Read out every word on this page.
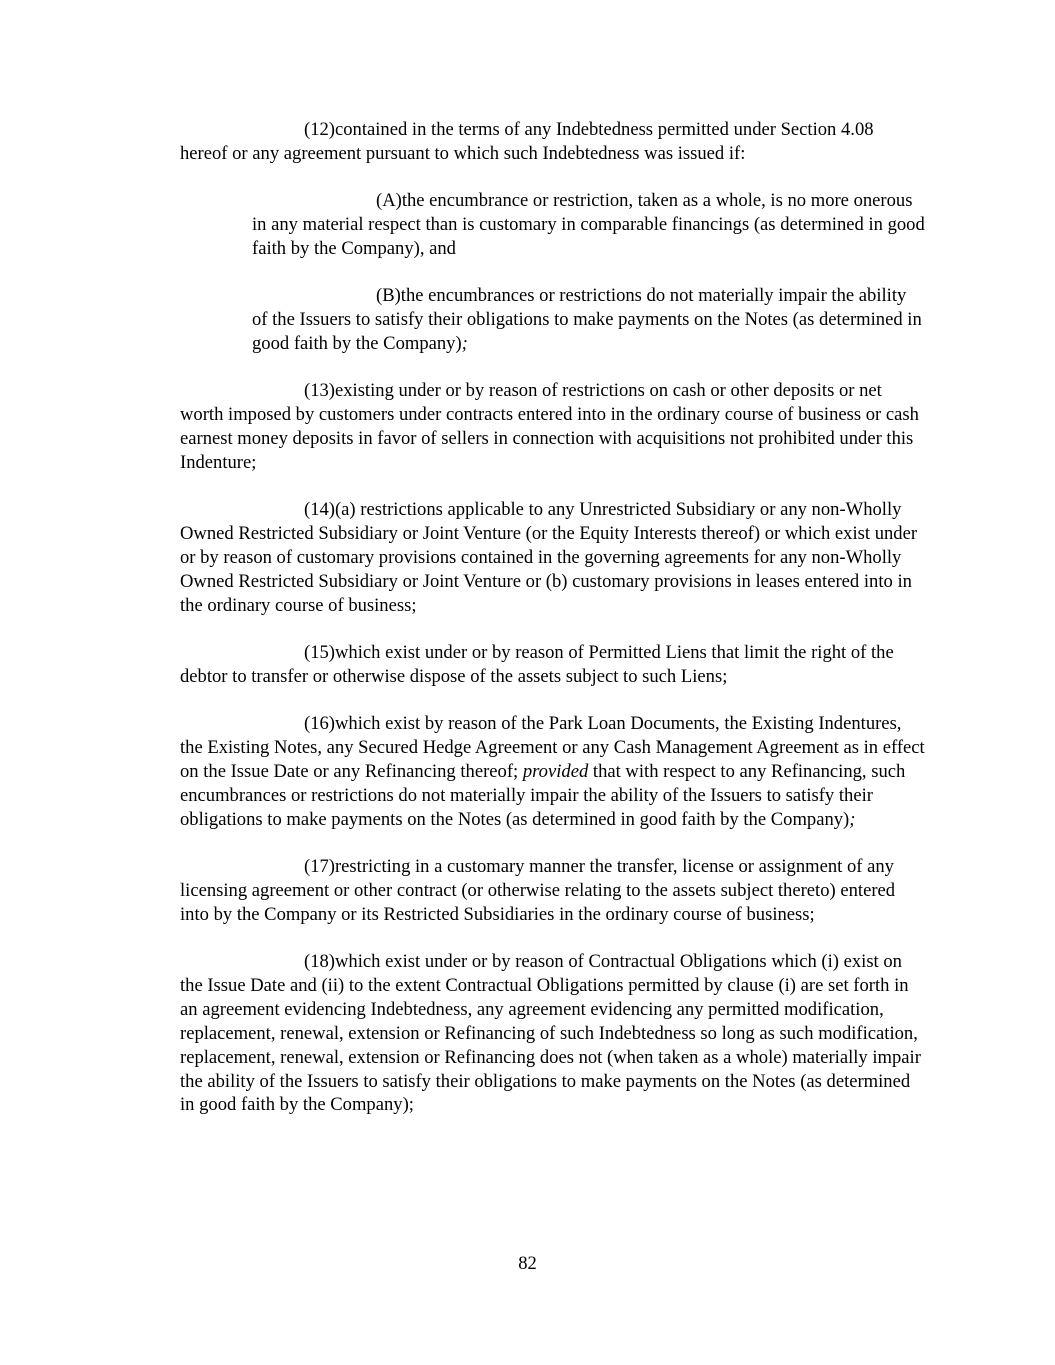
(12)contained in the terms of any Indebtedness permitted under Section 4.08 hereof or any agreement pursuant to which such Indebtedness was issued if:

(A)the encumbrance or restriction, taken as a whole, is no more onerous in any material respect than is customary in comparable financings (as determined in good faith by the Company), and

(B)the encumbrances or restrictions do not materially impair the ability of the Issuers to satisfy their obligations to make payments on the Notes (as determined in good faith by the Company);

(13)existing under or by reason of restrictions on cash or other deposits or net worth imposed by customers under contracts entered into in the ordinary course of business or cash earnest money deposits in favor of sellers in connection with acquisitions not prohibited under this Indenture;

(14)(a) restrictions applicable to any Unrestricted Subsidiary or any non-Wholly Owned Restricted Subsidiary or Joint Venture (or the Equity Interests thereof) or which exist under or by reason of customary provisions contained in the governing agreements for any non-Wholly Owned Restricted Subsidiary or Joint Venture or (b) customary provisions in leases entered into in the ordinary course of business;

(15)which exist under or by reason of Permitted Liens that limit the right of the debtor to transfer or otherwise dispose of the assets subject to such Liens;

(16)which exist by reason of the Park Loan Documents, the Existing Indentures, the Existing Notes, any Secured Hedge Agreement or any Cash Management Agreement as in effect on the Issue Date or any Refinancing thereof; provided that with respect to any Refinancing, such encumbrances or restrictions do not materially impair the ability of the Issuers to satisfy their obligations to make payments on the Notes (as determined in good faith by the Company);

(17)restricting in a customary manner the transfer, license or assignment of any licensing agreement or other contract (or otherwise relating to the assets subject thereto) entered into by the Company or its Restricted Subsidiaries in the ordinary course of business;

(18)which exist under or by reason of Contractual Obligations which (i) exist on the Issue Date and (ii) to the extent Contractual Obligations permitted by clause (i) are set forth in an agreement evidencing Indebtedness, any agreement evidencing any permitted modification, replacement, renewal, extension or Refinancing of such Indebtedness so long as such modification, replacement, renewal, extension or Refinancing does not (when taken as a whole) materially impair the ability of the Issuers to satisfy their obligations to make payments on the Notes (as determined in good faith by the Company);

82
